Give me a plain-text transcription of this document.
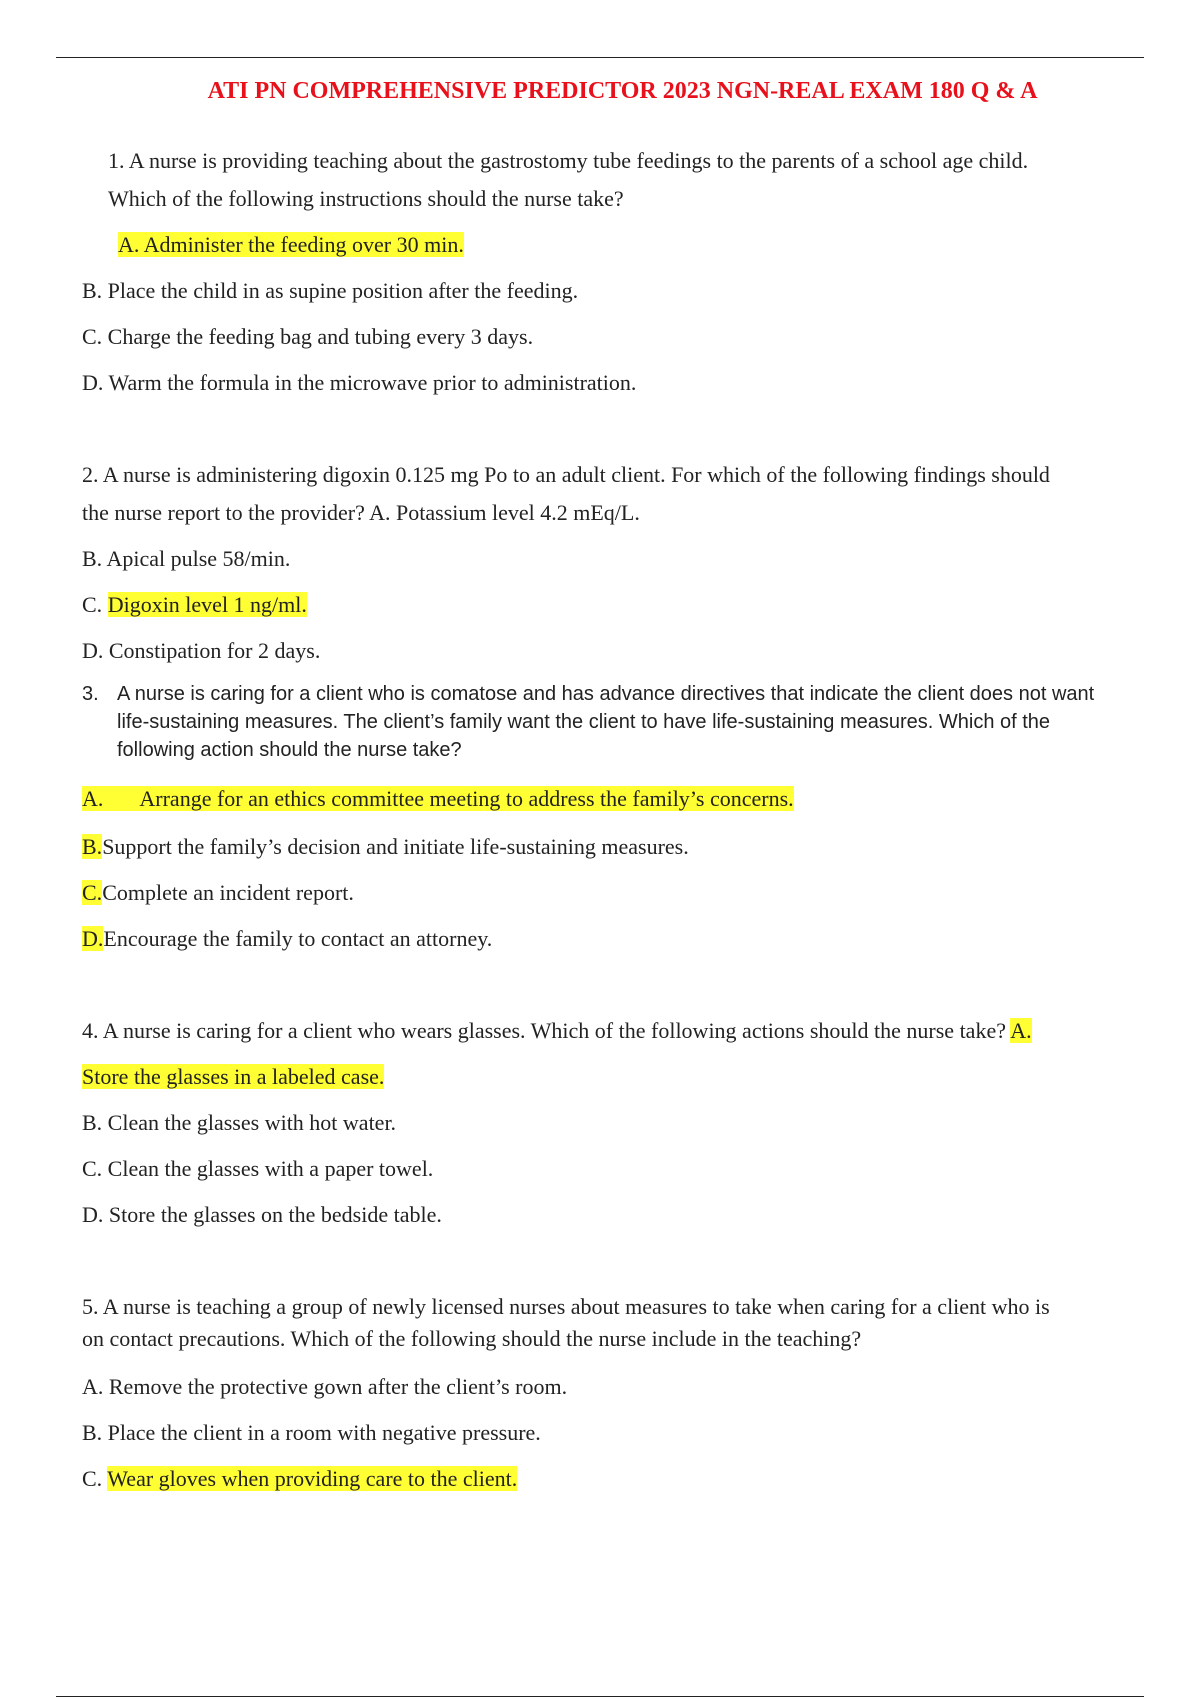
ATI PN COMPREHENSIVE PREDICTOR 2023 NGN-REAL EXAM 180 Q & A

1. A nurse is providing teaching about the gastrostomy tube feedings to the parents of a school age child.

Which of the following instructions should the nurse take?

A. Administer the feeding over 30 min.

B. Place the child in as supine position after the feeding.

C. Charge the feeding bag and tubing every 3 days.

D. Warm the formula in the microwave prior to administration.

2. A nurse is administering digoxin 0.125 mg Po to an adult client. For which of the following findings should

the nurse report to the provider? A. Potassium level 4.2 mEq/L.

B. Apical pulse 58/min.

C. Digoxin level 1 ng/ml.

D. Constipation for 2 days.

3. A nurse is caring for a client who is comatose and has advance directives that indicate the client does not want life-sustaining measures. The client’s family want the client to have life-sustaining measures. Which of the following action should the nurse take?

A. Arrange for an ethics committee meeting to address the family’s concerns.

B.Support the family’s decision and initiate life-sustaining measures.

C.Complete an incident report.

D.Encourage the family to contact an attorney.

4. A nurse is caring for a client who wears glasses. Which of the following actions should the nurse take? A.

Store the glasses in a labeled case.

B. Clean the glasses with hot water.

C. Clean the glasses with a paper towel.

D. Store the glasses on the bedside table.

5. A nurse is teaching a group of newly licensed nurses about measures to take when caring for a client who is

on contact precautions. Which of the following should the nurse include in the teaching?

A. Remove the protective gown after the client’s room.

B. Place the client in a room with negative pressure.

C. Wear gloves when providing care to the client.
